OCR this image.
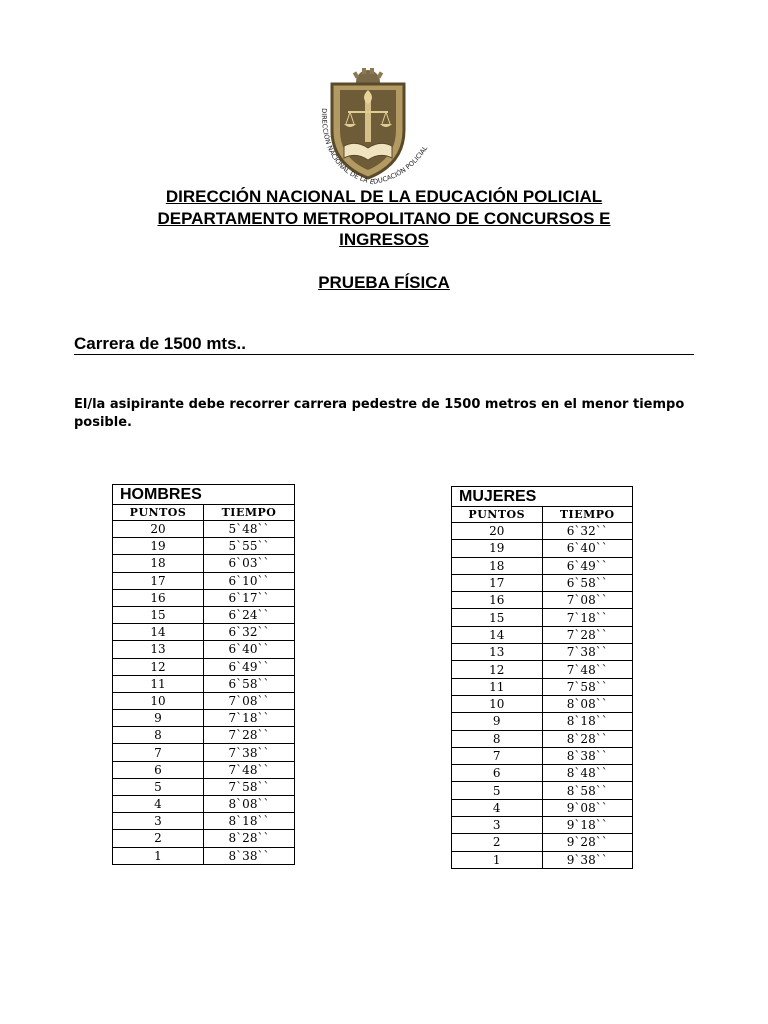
DIRECCIÓN NACIONAL DE LA EDUCACIÓN POLICIAL
DIRECCIÓN NACIONAL DE LA EDUCACIÓN POLICIAL
DEPARTAMENTO METROPOLITANO DE CONCURSOS E
INGRESOS
PRUEBA FÍSICA
Carrera de 1500 mts..
El/la asipirante debe recorrer carrera pedestre de 1500 metros en el menor tiempo posible.
HOMBRES	
PUNTOS	TIEMPO
20	5`48``
19	5`55``
18	6`03``
17	6`10``
16	6`17``
15	6`24``
14	6`32``
13	6`40``
12	6`49``
11	6`58``
10	7`08``
9	7`18``
8	7`28``
7	7`38``
6	7`48``
5	7`58``
4	8`08``
3	8`18``
2	8`28``
1	8`38``
MUJERES	
PUNTOS	TIEMPO
20	6`32``
19	6`40``
18	6`49``
17	6`58``
16	7`08``
15	7`18``
14	7`28``
13	7`38``
12	7`48``
11	7`58``
10	8`08``
9	8`18``
8	8`28``
7	8`38``
6	8`48``
5	8`58``
4	9`08``
3	9`18``
2	9`28``
1	9`38``
